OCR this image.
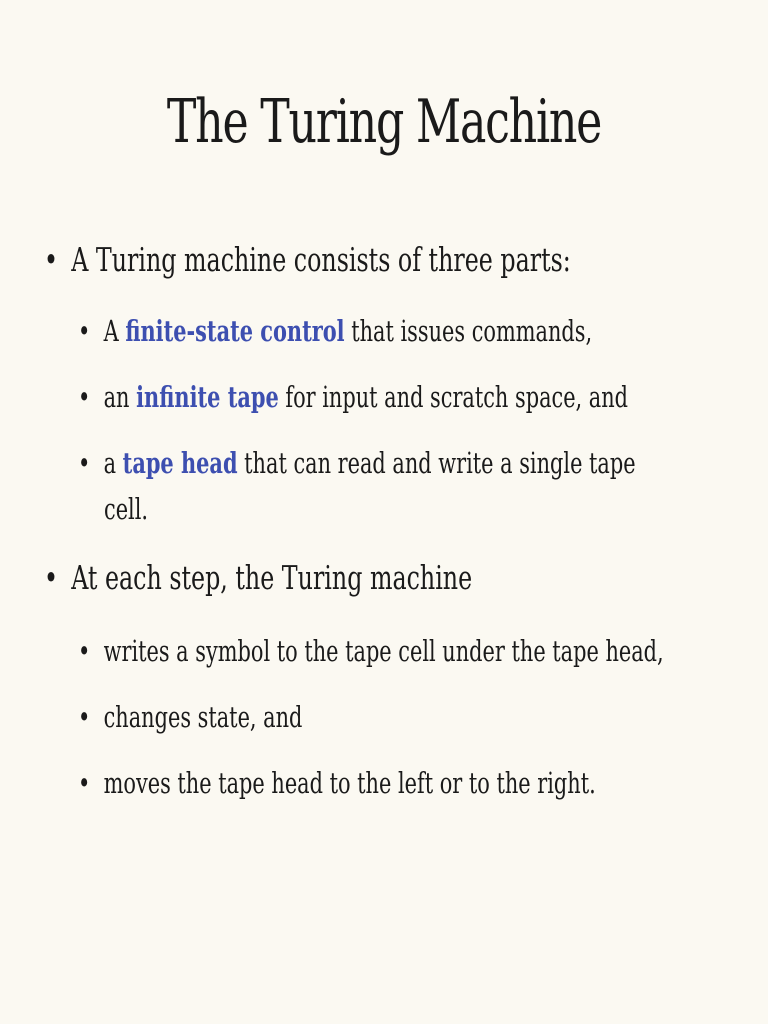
The Turing Machine
• A Turing machine consists of three parts:
• A finite-state control that issues commands,
• an infinite tape for input and scratch space, and
• a tape head that can read and write a single tape
cell.
• At each step, the Turing machine
• writes a symbol to the tape cell under the tape head,
• changes state, and
• moves the tape head to the left or to the right.
